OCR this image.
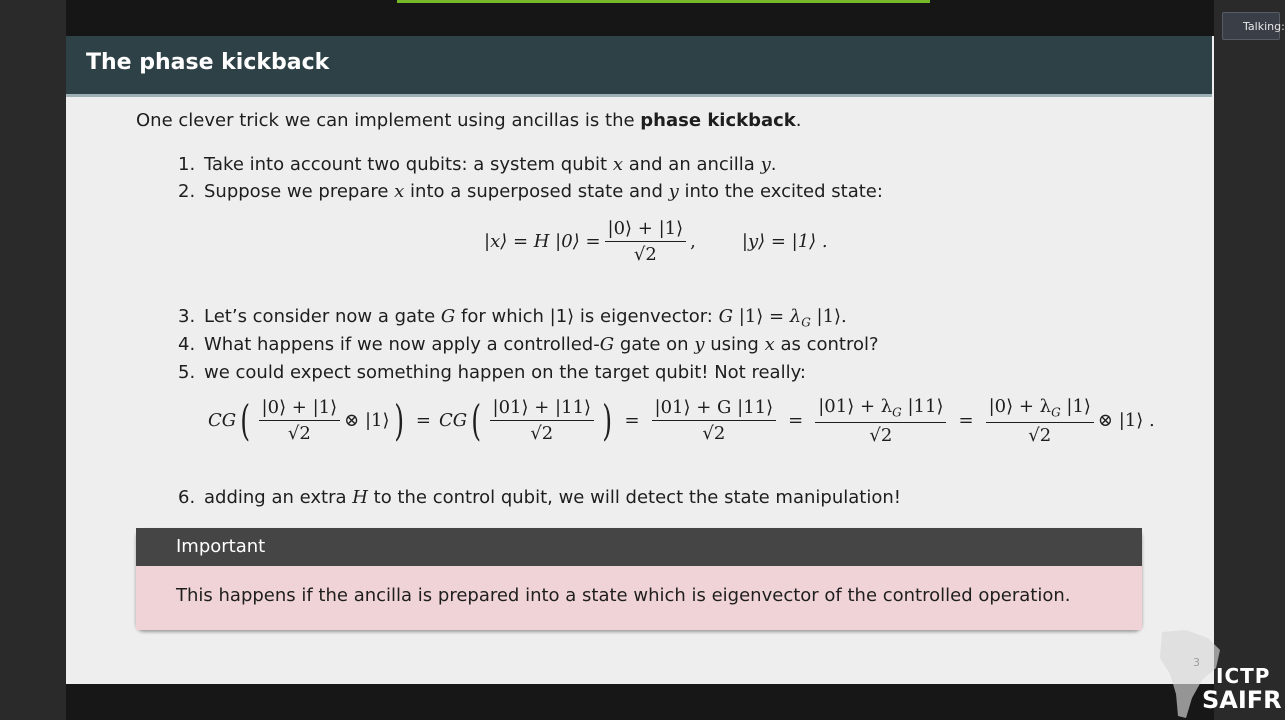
Talking:
The phase kickback
One clever trick we can implement using ancillas is the phase kickback.
1. Take into account two qubits: a system qubit x and an ancilla y.
2. Suppose we prepare x into a superposed state and y into the excited state:
|x⟩ = H |0⟩ = $\frac{|0⟩ + |1⟩}{√2}$ ,	|y⟩ = |1⟩ .
3. Let’s consider now a gate G for which |1⟩ is eigenvector: G |1⟩ = $\lambda_G$ |1⟩.
4. What happens if we now apply a controlled-G gate on y using x as control?
5. we could expect something happen on the target qubit! Not really:
CG ( $\frac{|0⟩ + |1⟩}{√2}$ ⊗ |1⟩ ) = CG ( $\frac{|01⟩ + |11⟩}{√2}$ ) = $\frac{|01⟩ + G |11⟩}{√2} = \frac{|01⟩ + \lambda_G |11⟩}{√2} = \frac{|0⟩ + \lambda_G |1⟩}{√2}$ ⊗ |1⟩ .
6. adding an extra H to the control qubit, we will detect the state manipulation!
ICTP
SAIFR
Important
This happens if the ancilla is prepared into a state which is eigenvector of the controlled operation.
